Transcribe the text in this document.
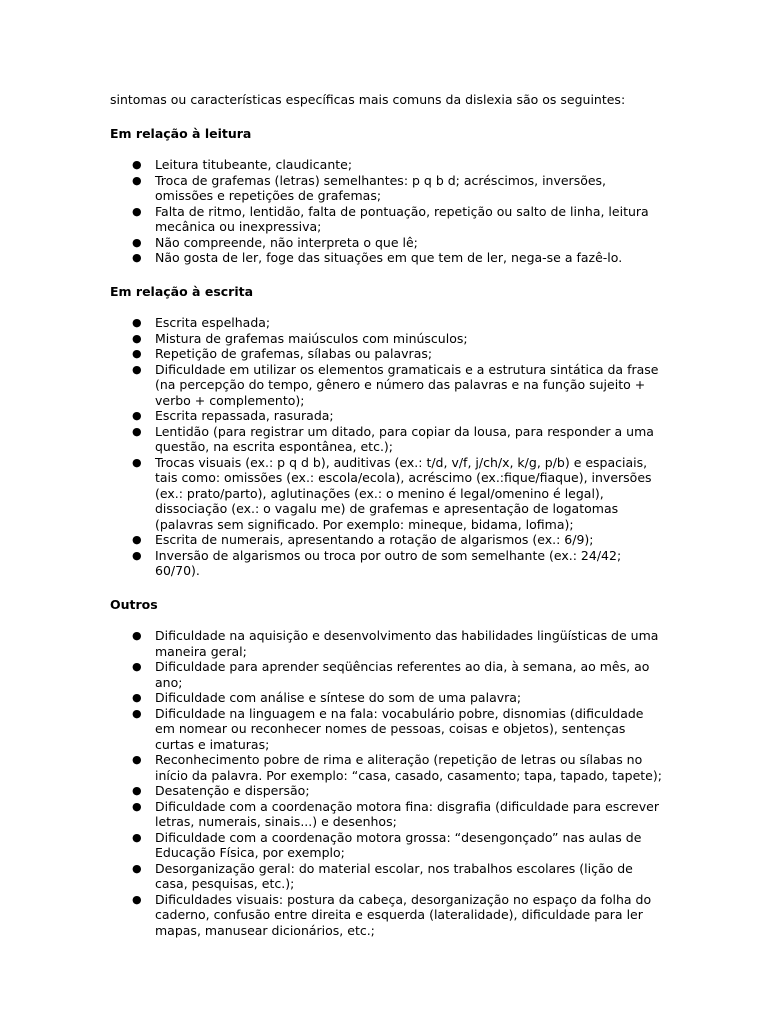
sintomas ou características específicas mais comuns da dislexia são os seguintes:

Em relação à leitura

● Leitura titubeante, claudicante;
● Troca de grafemas (letras) semelhantes: p q b d; acréscimos, inversões, omissões e repetições de grafemas;
● Falta de ritmo, lentidão, falta de pontuação, repetição ou salto de linha, leitura mecânica ou inexpressiva;
● Não compreende, não interpreta o que lê;
● Não gosta de ler, foge das situações em que tem de ler, nega-se a fazê-lo.

Em relação à escrita

● Escrita espelhada;
● Mistura de grafemas maiúsculos com minúsculos;
● Repetição de grafemas, sílabas ou palavras;
● Dificuldade em utilizar os elementos gramaticais e a estrutura sintática da frase (na percepção do tempo, gênero e número das palavras e na função sujeito + verbo + complemento);
● Escrita repassada, rasurada;
● Lentidão (para registrar um ditado, para copiar da lousa, para responder a uma questão, na escrita espontânea, etc.);
● Trocas visuais (ex.: p q d b), auditivas (ex.: t/d, v/f, j/ch/x, k/g, p/b) e espaciais, tais como: omissões (ex.: escola/ecola), acréscimo (ex.:fique/fiaque), inversões (ex.: prato/parto), aglutinações (ex.: o menino é legal/omenino é legal), dissociação (ex.: o vagalu me) de grafemas e apresentação de logatomas (palavras sem significado. Por exemplo: mineque, bidama, lofima);
● Escrita de numerais, apresentando a rotação de algarismos (ex.: 6/9);
● Inversão de algarismos ou troca por outro de som semelhante (ex.: 24/42; 60/70).

Outros

● Dificuldade na aquisição e desenvolvimento das habilidades lingüísticas de uma maneira geral;
● Dificuldade para aprender seqüências referentes ao dia, à semana, ao mês, ao ano;
● Dificuldade com análise e síntese do som de uma palavra;
● Dificuldade na linguagem e na fala: vocabulário pobre, disnomias (dificuldade em nomear ou reconhecer nomes de pessoas, coisas e objetos), sentenças curtas e imaturas;
● Reconhecimento pobre de rima e aliteração (repetição de letras ou sílabas no início da palavra. Por exemplo: “casa, casado, casamento; tapa, tapado, tapete);
● Desatenção e dispersão;
● Dificuldade com a coordenação motora fina: disgrafia (dificuldade para escrever letras, numerais, sinais...) e desenhos;
● Dificuldade com a coordenação motora grossa: “desengonçado” nas aulas de Educação Física, por exemplo;
● Desorganização geral: do material escolar, nos trabalhos escolares (lição de casa, pesquisas, etc.);
● Dificuldades visuais: postura da cabeça, desorganização no espaço da folha do caderno, confusão entre direita e esquerda (lateralidade), dificuldade para ler mapas, manusear dicionários, etc.;
